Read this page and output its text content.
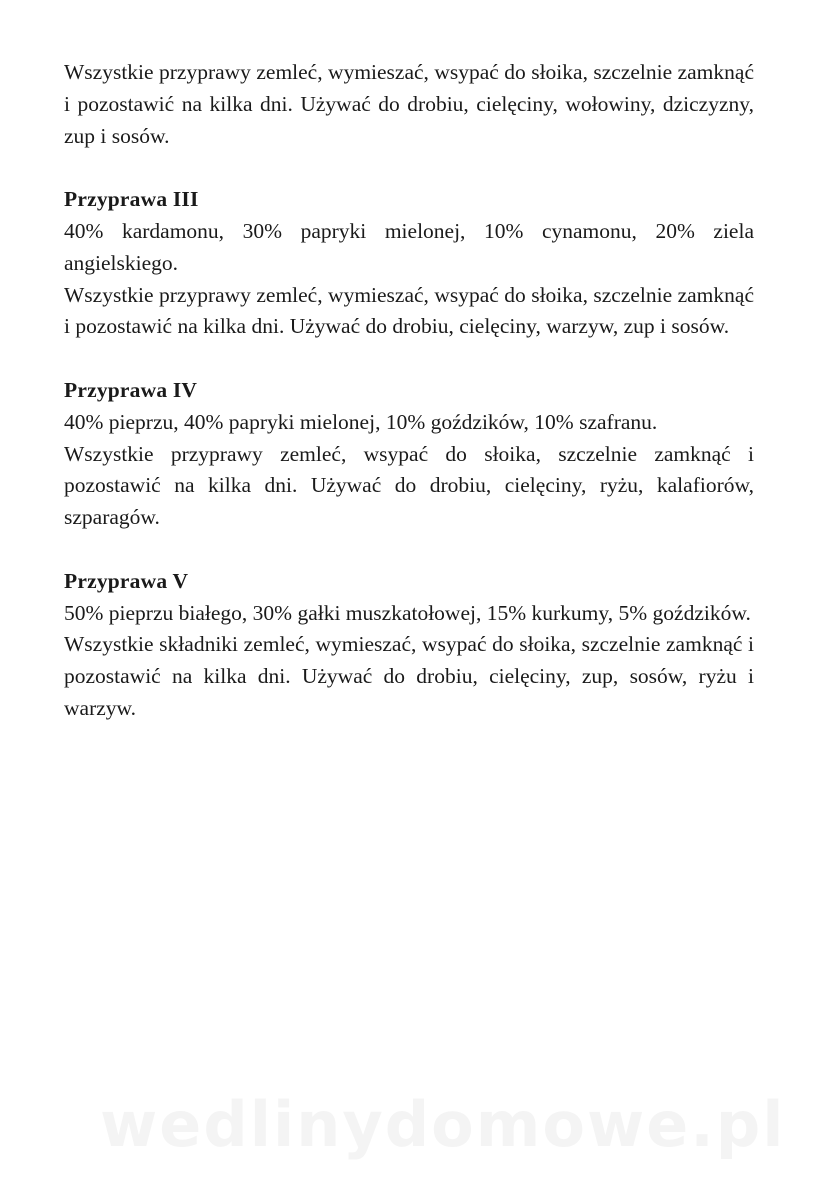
Wszystkie przyprawy zemleć, wymieszać, wsypać do słoika, szczelnie zamknąć i pozostawić na kilka dni. Używać do drobiu, cielęciny, wołowiny, dziczyzny, zup i sosów.

Przyprawa III

40% kardamonu, 30% papryki mielonej, 10% cynamonu, 20% ziela angielskiego.

Wszystkie przyprawy zemleć, wymieszać, wsypać do słoika, szczelnie zamknąć i pozostawić na kilka dni. Używać do drobiu, cielęciny, warzyw, zup i sosów.

Przyprawa IV

40% pieprzu, 40% papryki mielonej, 10% goździków, 10% szafranu.

Wszystkie przyprawy zemleć, wsypać do słoika, szczelnie zamknąć i pozostawić na kilka dni. Używać do drobiu, cielęciny, ryżu, kalafiorów, szparagów.

Przyprawa V

50% pieprzu białego, 30% gałki muszkatołowej, 15% kurkumy, 5% goździków.

Wszystkie składniki zemleć, wymieszać, wsypać do słoika, szczelnie zamknąć i pozostawić na kilka dni. Używać do drobiu, cielęciny, zup, sosów, ryżu i warzyw.

wedlinydomowe.pl
